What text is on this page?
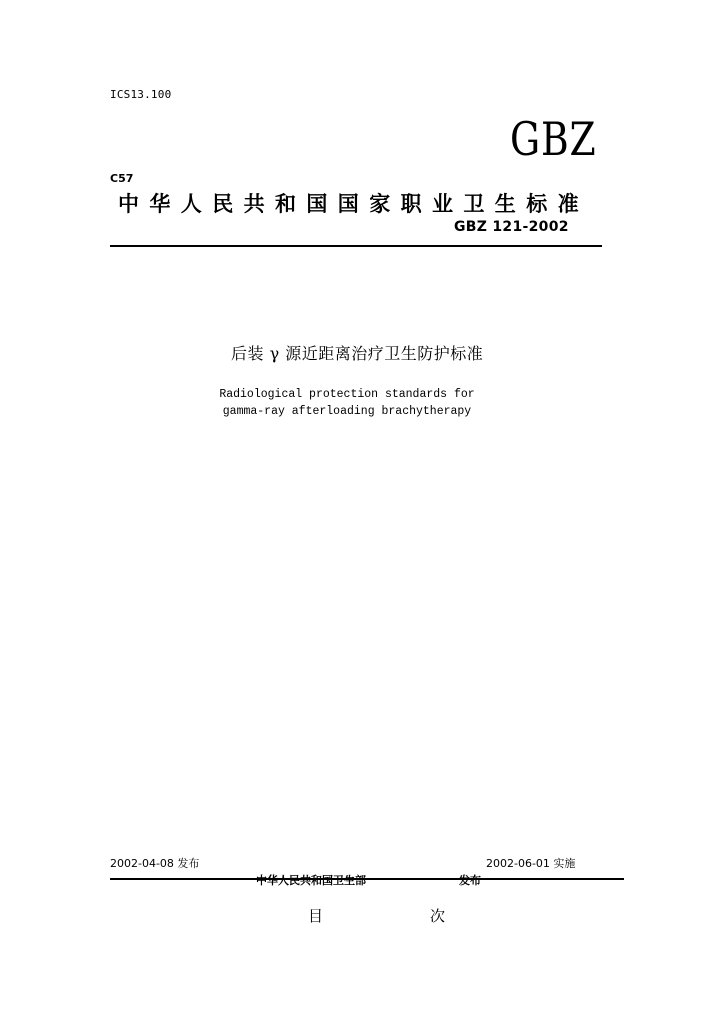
ICS13.100
GBZ
C57
中华人民共和国国家职业卫生标准
GBZ 121-2002
后装 γ 源近距离治疗卫生防护标准
Radiological protection standards for gamma-ray afterloading brachytherapy
2002-04-08 发布	2002-06-01 实施
中华人民共和国卫生部	发布
目	次
